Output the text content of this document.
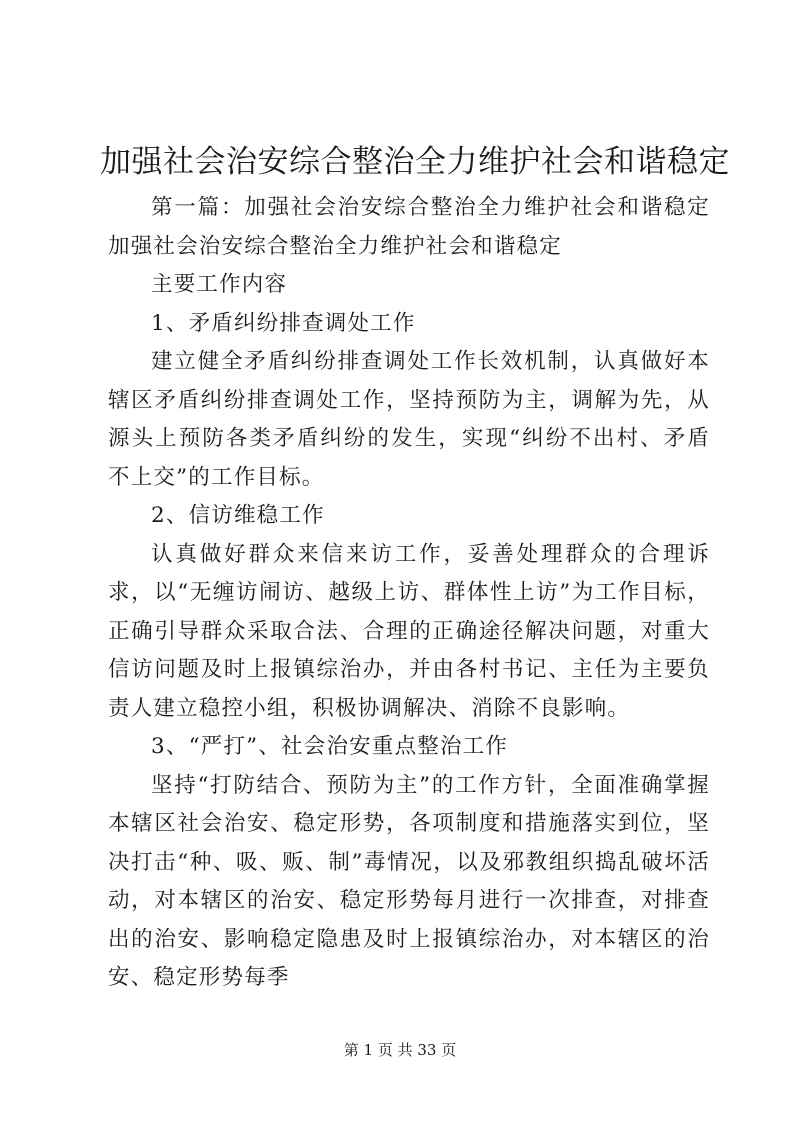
加强社会治安综合整治全力维护社会和谐稳定

第一篇：加强社会治安综合整治全力维护社会和谐稳定加强社会治安综合整治全力维护社会和谐稳定

主要工作内容

1、矛盾纠纷排查调处工作

建立健全矛盾纠纷排查调处工作长效机制，认真做好本辖区矛盾纠纷排查调处工作，坚持预防为主，调解为先，从源头上预防各类矛盾纠纷的发生，实现“纠纷不出村、矛盾不上交”的工作目标。

2、信访维稳工作

认真做好群众来信来访工作，妥善处理群众的合理诉求，以“无缠访闹访、越级上访、群体性上访”为工作目标，正确引导群众采取合法、合理的正确途径解决问题，对重大信访问题及时上报镇综治办，并由各村书记、主任为主要负责人建立稳控小组，积极协调解决、消除不良影响。

3、“严打”、社会治安重点整治工作

坚持“打防结合、预防为主”的工作方针，全面准确掌握本辖区社会治安、稳定形势，各项制度和措施落实到位，坚决打击“种、吸、贩、制”毒情况，以及邪教组织捣乱破坏活动，对本辖区的治安、稳定形势每月进行一次排查，对排查出的治安、影响稳定隐患及时上报镇综治办，对本辖区的治安、稳定形势每季

第 1 页 共 33 页
